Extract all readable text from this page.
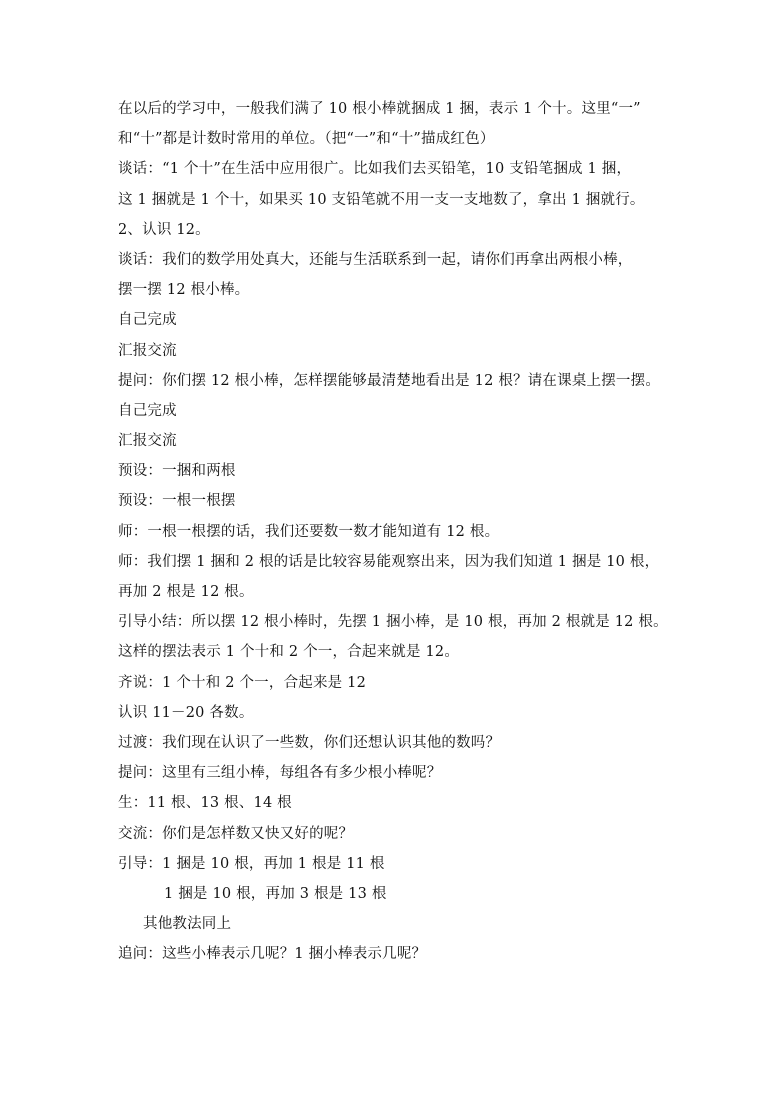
在以后的学习中，一般我们满了 10 根小棒就捆成 1 捆，表示 1 个十。这里“一”
和“十”都是计数时常用的单位。（把“一”和“十”描成红色）
谈话：“1 个十”在生活中应用很广。比如我们去买铅笔，10 支铅笔捆成 1 捆，
这 1 捆就是 1 个十，如果买 10 支铅笔就不用一支一支地数了，拿出 1 捆就行。
2、认识 12。
谈话：我们的数学用处真大，还能与生活联系到一起，请你们再拿出两根小棒，
摆一摆 12 根小棒。
自己完成
汇报交流
提问：你们摆 12 根小棒，怎样摆能够最清楚地看出是 12 根？请在课桌上摆一摆。
自己完成
汇报交流
预设：一捆和两根
预设：一根一根摆
师：一根一根摆的话，我们还要数一数才能知道有 12 根。
师：我们摆 1 捆和 2 根的话是比较容易能观察出来，因为我们知道 1 捆是 10 根，
再加 2 根是 12 根。
引导小结：所以摆 12 根小棒时，先摆 1 捆小棒，是 10 根，再加 2 根就是 12 根。
这样的摆法表示 1 个十和 2 个一，合起来就是 12。
齐说：1 个十和 2 个一，合起来是 12
认识 11－20 各数。
过渡：我们现在认识了一些数，你们还想认识其他的数吗？
提问：这里有三组小棒，每组各有多少根小棒呢？
生：11 根、13 根、14 根
交流：你们是怎样数又快又好的呢？
引导：1 捆是 10 根，再加 1 根是 11 根
1 捆是 10 根，再加 3 根是 13 根
其他教法同上
追问：这些小棒表示几呢？1 捆小棒表示几呢？
